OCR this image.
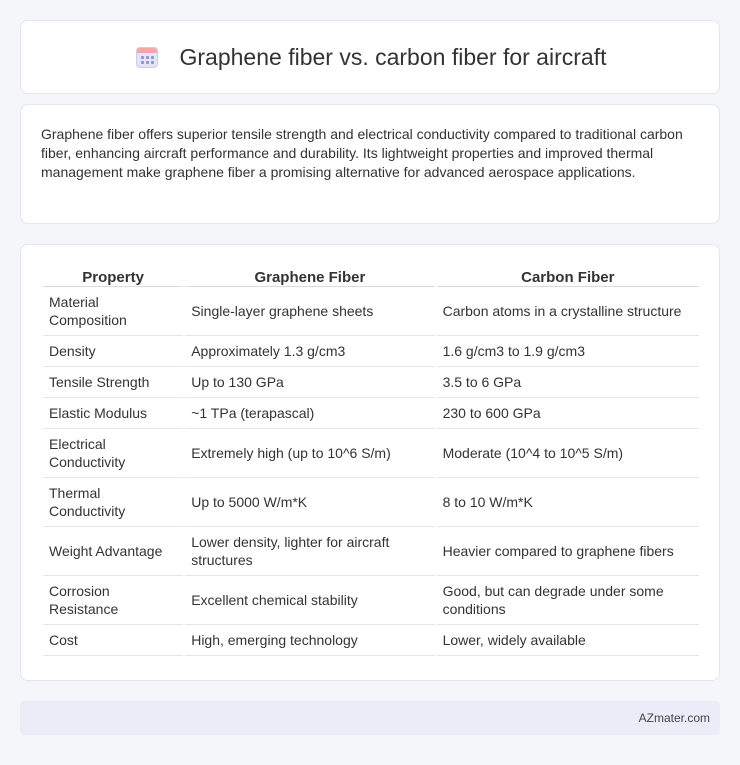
Graphene fiber vs. carbon fiber for aircraft

Graphene fiber offers superior tensile strength and electrical conductivity compared to traditional carbon fiber, enhancing aircraft performance and durability. Its lightweight properties and improved thermal management make graphene fiber a promising alternative for advanced aerospace applications.

Property	Graphene Fiber	Carbon Fiber
Material Composition	Single-layer graphene sheets	Carbon atoms in a crystalline structure
Density	Approximately 1.3 g/cm3	1.6 g/cm3 to 1.9 g/cm3
Tensile Strength	Up to 130 GPa	3.5 to 6 GPa
Elastic Modulus	~1 TPa (terapascal)	230 to 600 GPa
Electrical Conductivity	Extremely high (up to 10^6 S/m)	Moderate (10^4 to 10^5 S/m)
Thermal Conductivity	Up to 5000 W/m*K	8 to 10 W/m*K
Weight Advantage	Lower density, lighter for aircraft structures	Heavier compared to graphene fibers
Corrosion Resistance	Excellent chemical stability	Good, but can degrade under some conditions
Cost	High, emerging technology	Lower, widely available
AZmater.com
